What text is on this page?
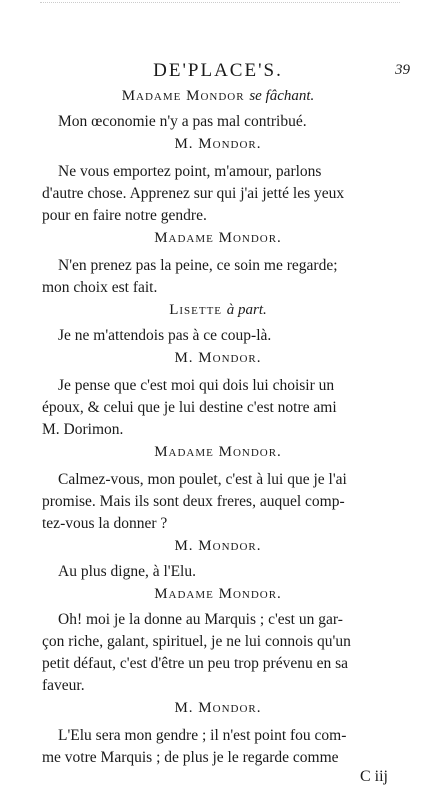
DE'PLACE'S.	39
Madame Mondor se fâchant.
Mon œconomie n'y a pas mal contribué.
M. Mondor.
Ne vous emportez point, m'amour, parlons
d'autre chose. Apprenez sur qui j'ai jetté les yeux
pour en faire notre gendre.
Madame Mondor.
N'en prenez pas la peine, ce soin me regarde;
mon choix est fait.
Lisette à part.
Je ne m'attendois pas à ce coup-là.
M. Mondor.
Je pense que c'est moi qui dois lui choisir un
époux, & celui que je lui destine c'est notre ami
M. Dorimon.
Madame Mondor.
Calmez-vous, mon poulet, c'est à lui que je l'ai
promise. Mais ils sont deux freres, auquel comp-
tez-vous la donner ?
M. Mondor.
Au plus digne, à l'Elu.
Madame Mondor.
Oh! moi je la donne au Marquis ; c'est un gar-
çon riche, galant, spirituel, je ne lui connois qu'un
petit défaut, c'est d'être un peu trop prévenu en sa
faveur.
M. Mondor.
L'Elu sera mon gendre ; il n'est point fou com-
me votre Marquis ; de plus je le regarde comme
C iij
